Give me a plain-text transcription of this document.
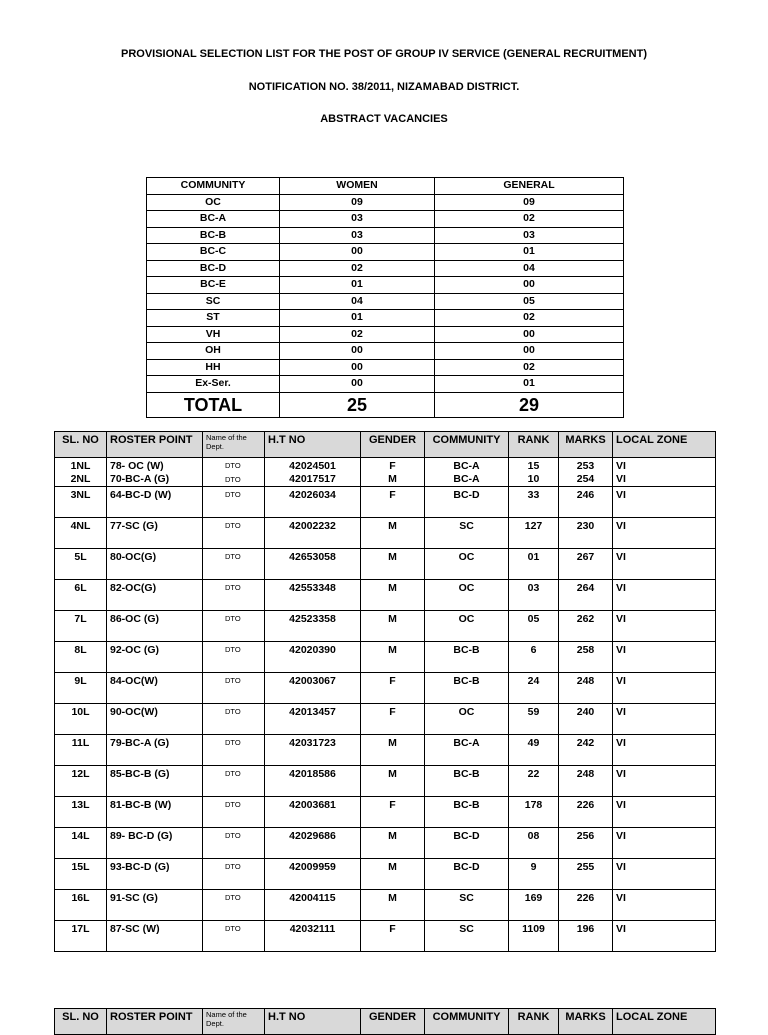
PROVISIONAL SELECTION LIST FOR THE POST OF GROUP IV SERVICE (GENERAL RECRUITMENT)
NOTIFICATION NO. 38/2011, NIZAMABAD DISTRICT.
ABSTRACT VACANCIES
COMMUNITY	WOMEN	GENERAL
OC	09	09
BC-A	03	02
BC-B	03	03
BC-C	00	01
BC-D	02	04
BC-E	01	00
SC	04	05
ST	01	02
VH	02	00
OH	00	00
HH	00	02
Ex-Ser.	00	01
TOTAL	25	29
SL. NO	ROSTER POINT	Name of the Dept.	H.T NO	GENDER	COMMUNITY	RANK	MARKS	LOCAL ZONE
1NL	78- OC (W)	DTO	42024501	F	BC-A	15	253	VI
2NL	70-BC-A (G)	DTO	42017517	M	BC-A	10	254	VI
3NL	64-BC-D (W)	DTO	42026034	F	BC-D	33	246	VI
4NL	77-SC (G)	DTO	42002232	M	SC	127	230	VI
5L	80-OC(G)	DTO	42653058	M	OC	01	267	VI
6L	82-OC(G)	DTO	42553348	M	OC	03	264	VI
7L	86-OC (G)	DTO	42523358	M	OC	05	262	VI
8L	92-OC (G)	DTO	42020390	M	BC-B	6	258	VI
9L	84-OC(W)	DTO	42003067	F	BC-B	24	248	VI
10L	90-OC(W)	DTO	42013457	F	OC	59	240	VI
11L	79-BC-A (G)	DTO	42031723	M	BC-A	49	242	VI
12L	85-BC-B (G)	DTO	42018586	M	BC-B	22	248	VI
13L	81-BC-B (W)	DTO	42003681	F	BC-B	178	226	VI
14L	89- BC-D (G)	DTO	42029686	M	BC-D	08	256	VI
15L	93-BC-D (G)	DTO	42009959	M	BC-D	9	255	VI
16L	91-SC (G)	DTO	42004115	M	SC	169	226	VI
17L	87-SC (W)	DTO	42032111	F	SC	1109	196	VI
SL. NO	ROSTER POINT	Name of the Dept.	H.T NO	GENDER	COMMUNITY	RANK	MARKS	LOCAL ZONE
